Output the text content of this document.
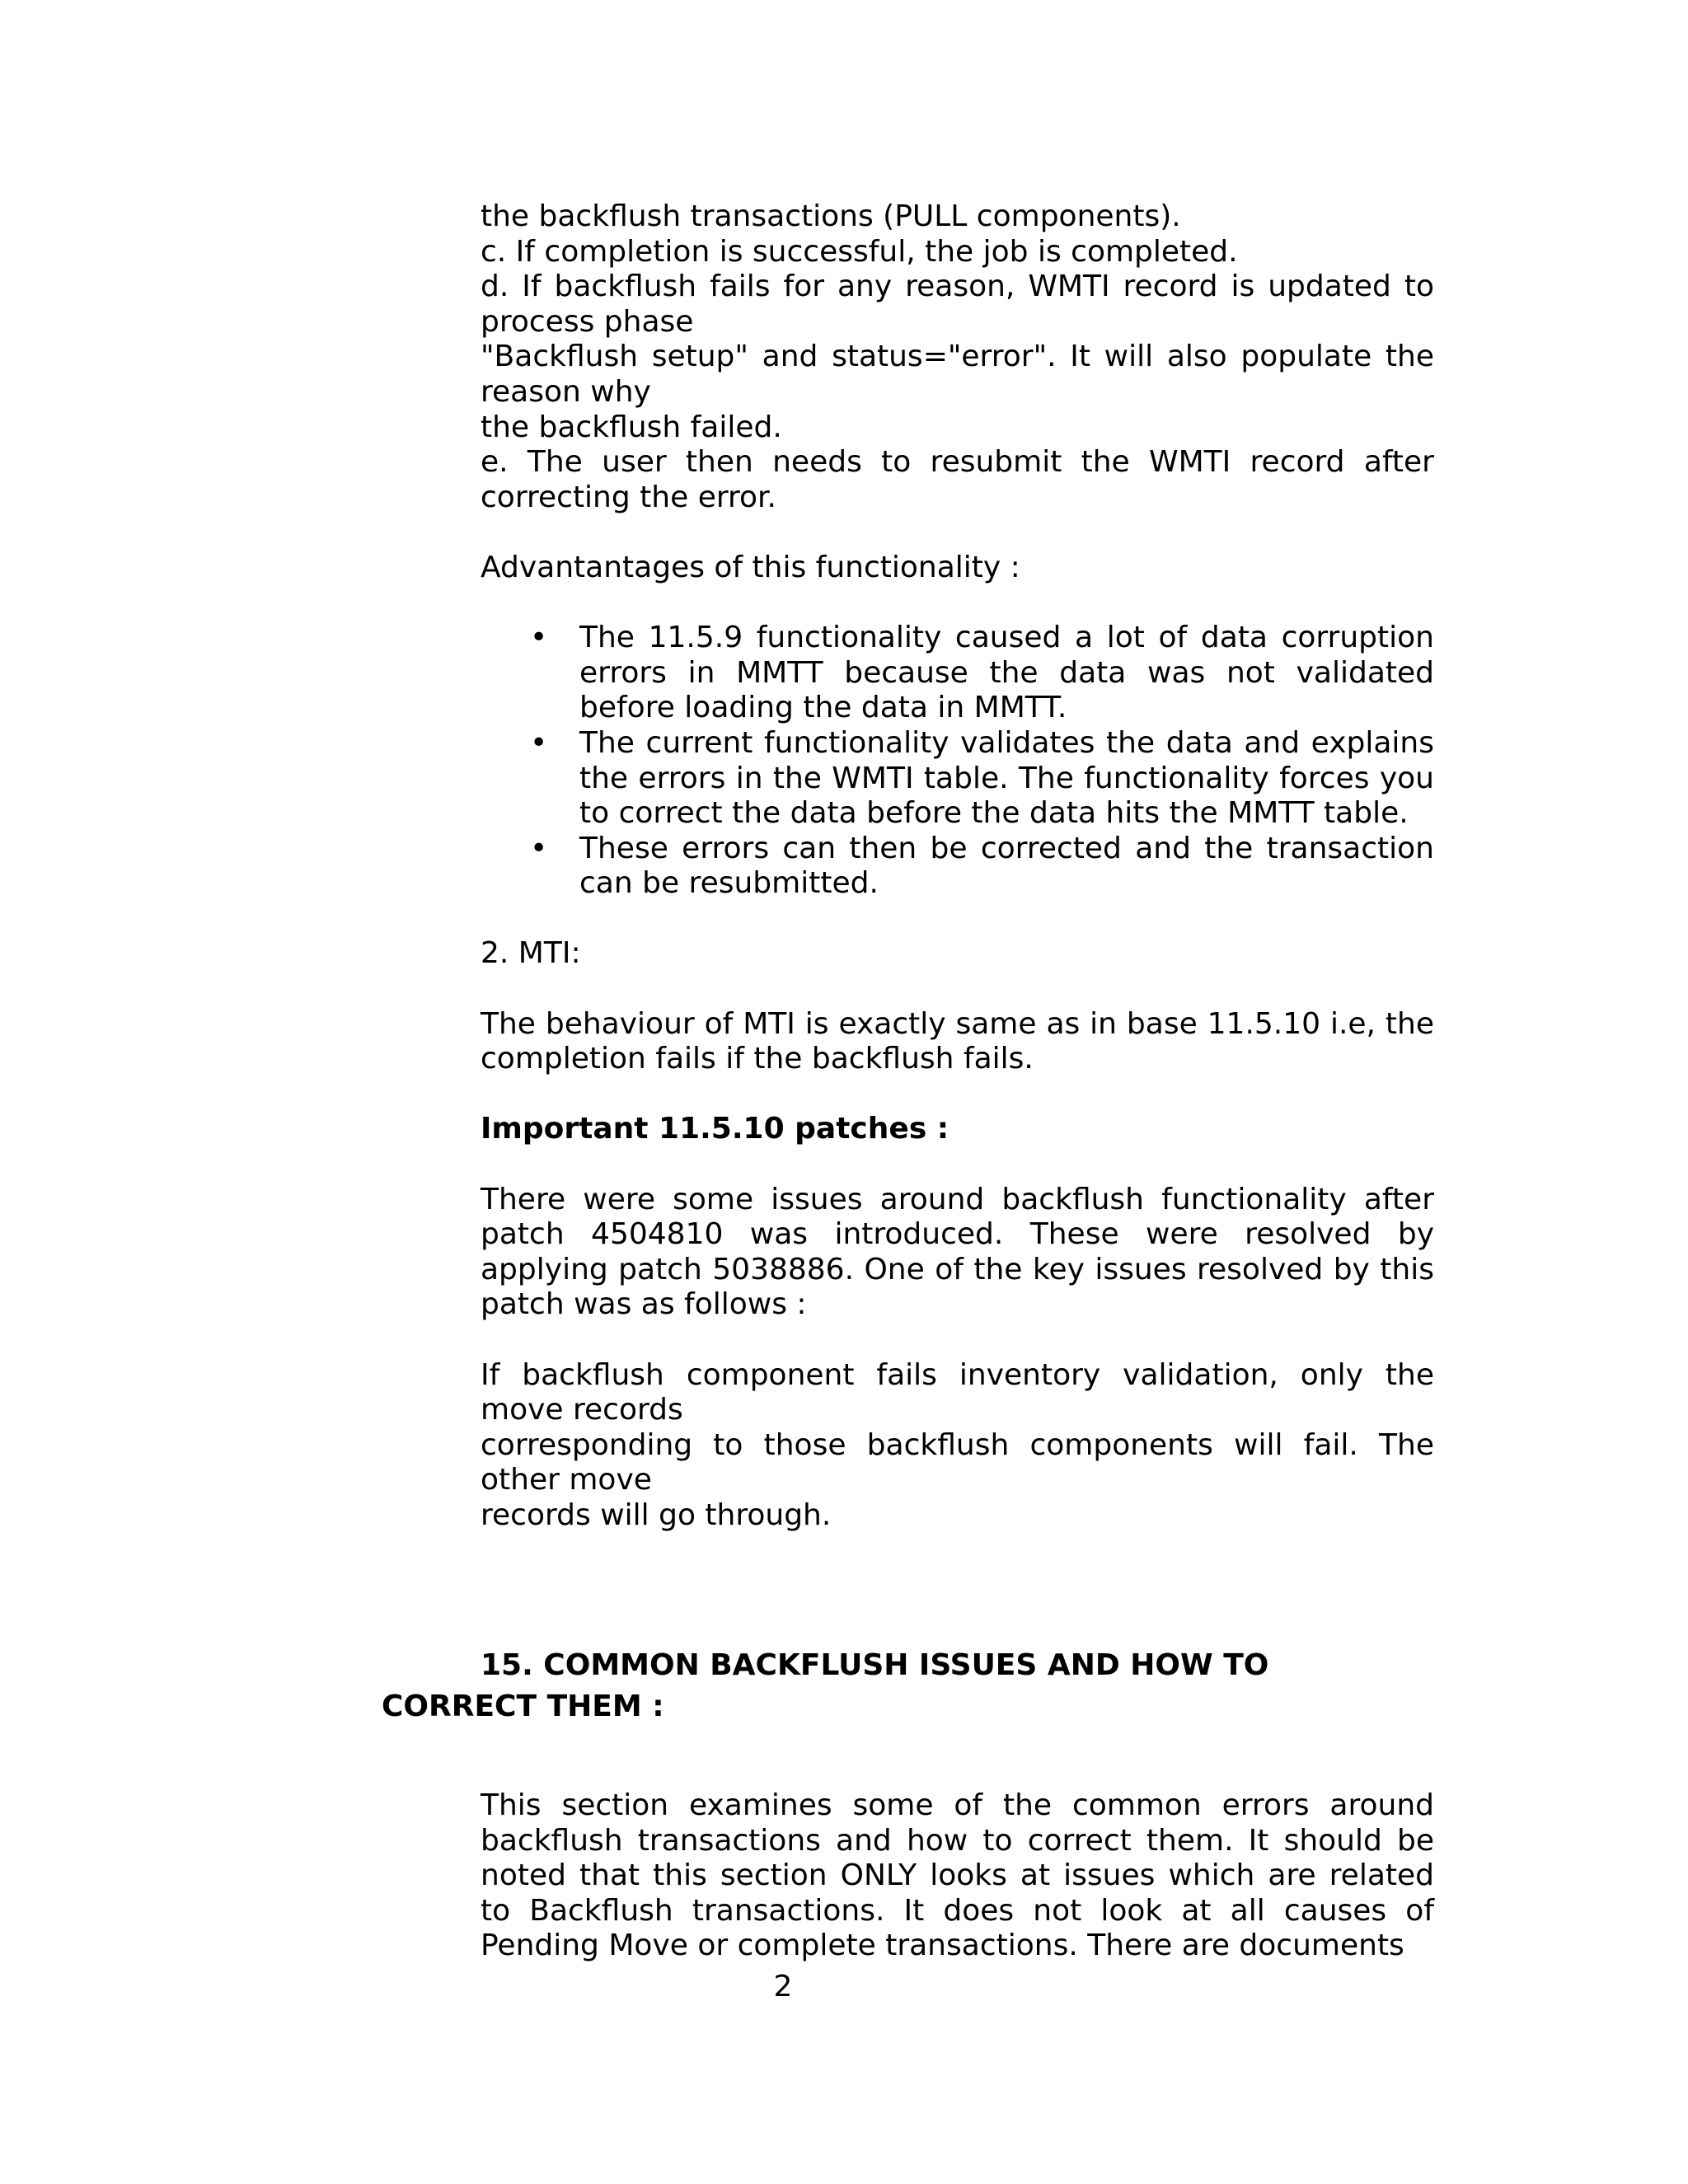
the backflush transactions (PULL components).
c. If completion is successful, the job is completed.
d. If backflush fails for any reason, WMTI record is updated to
process phase
"Backflush setup" and status="error". It will also populate the
reason why
the backflush failed.
e. The user then needs to resubmit the WMTI record after
correcting the error.
Advantantages of this functionality :
• The 11.5.9 functionality caused a lot of data corruption errors in MMTT because the data was not validated before loading the data in MMTT.
• The current functionality validates the data and explains the errors in the WMTI table. The functionality forces you to correct the data before the data hits the MMTT table.
• These errors can then be corrected and the transaction can be resubmitted.
2. MTI:
The behaviour of MTI is exactly same as in base 11.5.10 i.e, the completion fails if the backflush fails.
Important 11.5.10 patches :
There were some issues around backflush functionality after patch 4504810 was introduced. These were resolved by applying patch 5038886. One of the key issues resolved by this patch was as follows :
If backflush component fails inventory validation, only the
move records
corresponding to those backflush components will fail. The
other move
records will go through.
15. COMMON BACKFLUSH ISSUES AND HOW TO
CORRECT THEM :
This section examines some of the common errors around backflush transactions and how to correct them. It should be noted that this section ONLY looks at issues which are related to Backflush transactions. It does not look at all causes of Pending Move or complete transactions. There are documents
2
